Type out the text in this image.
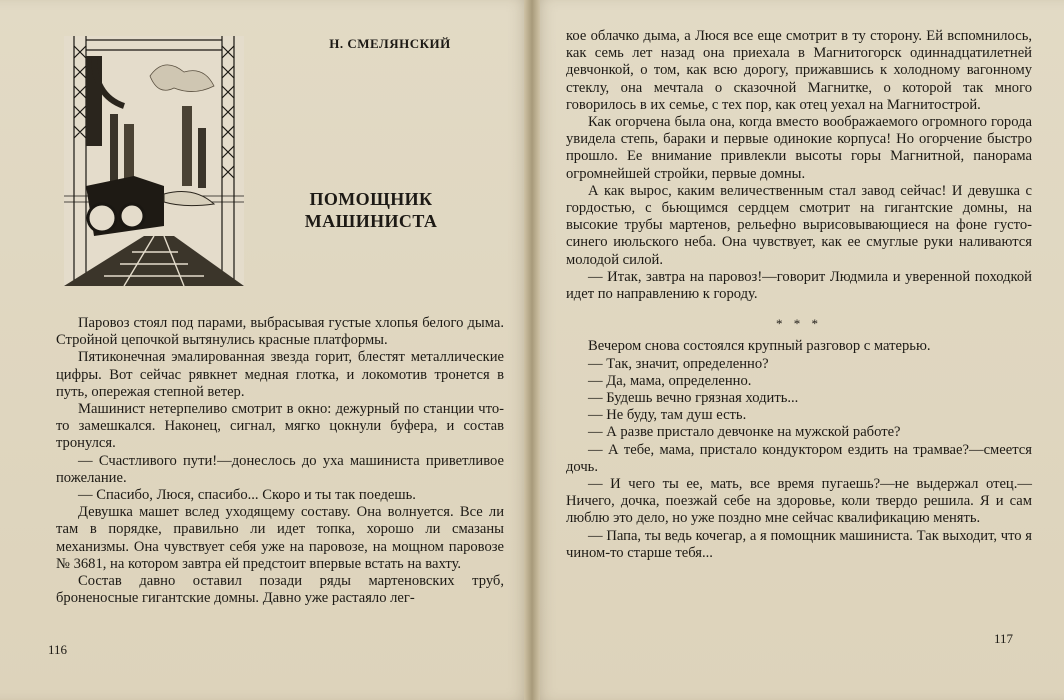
Н. СМЕЛЯНСКИЙ
ПОМОЩНИК
МАШИНИСТА

Паровоз стоял под парами, выбрасывая густые хлопья белого дыма. Стройной цепочкой вытянулись красные платформы.

Пятиконечная эмалированная звезда горит, блестят металлические цифры. Вот сейчас рявкнет медная глотка, и локомотив тронется в путь, опережая степной ветер.

Машинист нетерпеливо смотрит в окно: дежурный по станции что-то замешкался. Наконец, сигнал, мягко цокнули буфера, и состав тронулся.

— Счастливого пути!—донеслось до уха машиниста приветливое пожелание.

— Спасибо, Люся, спасибо... Скоро и ты так поедешь.

Девушка машет вслед уходящему составу. Она волнуется. Все ли там в порядке, правильно ли идет топка, хорошо ли смазаны механизмы. Она чувствует себя уже на паровозе, на мощном паровозе № 3681, на котором завтра ей предстоит впервые встать на вахту.

Состав давно оставил позади ряды мартеновских труб, броненосные гигантские домны. Давно уже растаяло лег-

116

кое облачко дыма, а Люся все еще смотрит в ту сторону. Ей вспомнилось, как семь лет назад она приехала в Магнитогорск одиннадцатилетней девчонкой, о том, как всю дорогу, прижавшись к холодному вагонному стеклу, она мечтала о сказочной Магнитке, о которой так много говорилось в их семье, с тех пор, как отец уехал на Магнитострой.

Как огорчена была она, когда вместо воображаемого огромного города увидела степь, бараки и первые одинокие корпуса! Но огорчение быстро прошло. Ее внимание привлекли высоты горы Магнитной, панорама огромнейшей стройки, первые домны.

А как вырос, каким величественным стал завод сейчас! И девушка с гордостью, с бьющимся сердцем смотрит на гигантские домны, на высокие трубы мартенов, рельефно вырисовывающиеся на фоне густо-синего июльского неба. Она чувствует, как ее смуглые руки наливаются молодой силой.

— Итак, завтра на паровоз!—говорит Людмила и уверенной походкой идет по направлению к городу.

* * *

Вечером снова состоялся крупный разговор с матерью.

— Так, значит, определенно?

— Да, мама, определенно.

— Будешь вечно грязная ходить...

— Не буду, там душ есть.

— А разве пристало девчонке на мужской работе?

— А тебе, мама, пристало кондуктором ездить на трамвае?—смеется дочь.

— И чего ты ее, мать, все время пугаешь?—не выдержал отец.—Ничего, дочка, поезжай себе на здоровье, коли твердо решила. Я и сам люблю это дело, но уже поздно мне сейчас квалификацию менять.

— Папа, ты ведь кочегар, а я помощник машиниста. Так выходит, что я чином-то старше тебя...

117
